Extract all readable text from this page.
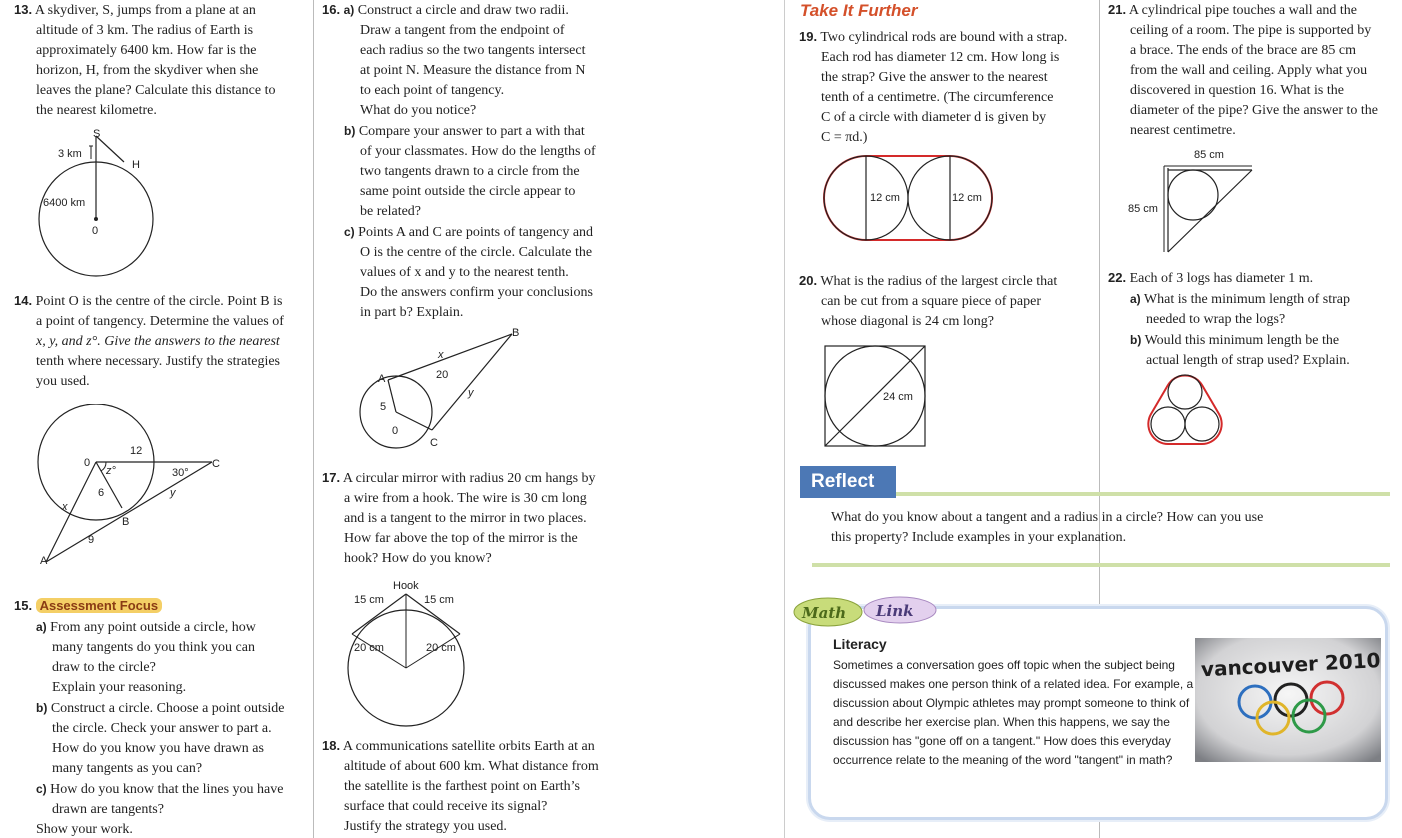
13. A skydiver, S, jumps from a plane at an
altitude of 3 km. The radius of Earth is
approximately 6400 km. How far is the
horizon, H, from the skydiver when she
leaves the plane? Calculate this distance to
the nearest kilometre.
S
H
0
3 km
6400 km
14. Point O is the centre of the circle. Point B is
a point of tangency. Determine the values of
x, y, and z°. Give the answers to the nearest
tenth where necessary. Justify the strategies
you used.
12
0
z°	30°
C
6
x
y
B
9
A
15. Assessment Focus
a) From any point outside a circle, how
many tangents do you think you can
draw to the circle?
Explain your reasoning.
b) Construct a circle. Choose a point outside
the circle. Check your answer to part a.
How do you know you have drawn as
many tangents as you can?
c) How do you know that the lines you have
drawn are tangents?
Show your work.
16. a) Construct a circle and draw two radii.
Draw a tangent from the endpoint of
each radius so the two tangents intersect
at point N. Measure the distance from N
to each point of tangency.
What do you notice?
b) Compare your answer to part a with that
of your classmates. How do the lengths of
two tangents drawn to a circle from the
same point outside the circle appear to
be related?
c) Points A and C are points of tangency and
O is the centre of the circle. Calculate the
values of x and y to the nearest tenth.
Do the answers confirm your conclusions
in part b? Explain.
B
x
A	20
y
5
0
C
17. A circular mirror with radius 20 cm hangs by
a wire from a hook. The wire is 30 cm long
and is a tangent to the mirror in two places.
How far above the top of the mirror is the
hook? How do you know?
Hook
15 cm	15 cm
20 cm	20 cm
18. A communications satellite orbits Earth at an
altitude of about 600 km. What distance from
the satellite is the farthest point on Earth’s
surface that could receive its signal?
Justify the strategy you used.
Take It Further
19. Two cylindrical rods are bound with a strap.
Each rod has diameter 12 cm. How long is
the strap? Give the answer to the nearest
tenth of a centimetre. (The circumference
C of a circle with diameter d is given by
C = πd.)
12 cm	12 cm
20. What is the radius of the largest circle that
can be cut from a square piece of paper
whose diagonal is 24 cm long?
24 cm
21. A cylindrical pipe touches a wall and the
ceiling of a room. The pipe is supported by
a brace. The ends of the brace are 85 cm
from the wall and ceiling. Apply what you
discovered in question 16. What is the
diameter of the pipe? Give the answer to the
nearest centimetre.
85 cm
85 cm
22. Each of 3 logs has diameter 1 m.
a) What is the minimum length of strap
needed to wrap the logs?
b) Would this minimum length be the
actual length of strap used? Explain.
Reflect
What do you know about a tangent and a radius in a circle? How can you use
this property? Include examples in your explanation.
Math Link
Literacy
Sometimes a conversation goes off topic when the subject being
discussed makes one person think of a related idea. For example, a
discussion about Olympic athletes may prompt someone to think of
and describe her exercise plan. When this happens, we say the
discussion has "gone off on a tangent." How does this everyday
occurrence relate to the meaning of the word "tangent" in math?
vancouver 2010
